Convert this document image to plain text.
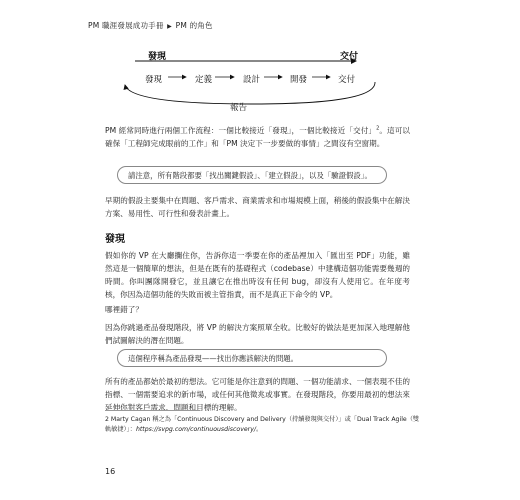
PM 職涯發展成功手冊 ▶ PM 的角色
發現	交付
發現	定義	設計	開發	交付
報告
PM 經常同時進行兩個工作流程：一個比較接近「發現」，一個比較接近「交付」$^2$。這可以確保「工程師完成眼前的工作」和「PM 決定下一步要做的事情」之間沒有空窗期。
請注意，所有階段都要「找出關鍵假設」、「建立假設」，以及「驗證假設」。
早期的假設主要集中在問題、客戶需求、商業需求和市場規模上面，稍後的假設集中在解決方案、易用性、可行性和發表計畫上。
發現
假如你的 VP 在大廳攔住你，告訴你這一季要在你的產品裡加入「匯出至 PDF」功能，雖然這是一個簡單的想法，但是在既有的基礎程式（codebase）中建構這個功能需要幾週的時間。你叫團隊開發它，並且讓它在推出時沒有任何 bug，卻沒有人使用它。在年度考核，你因為這個功能的失敗而被主管指責，而不是真正下命令的 VP。
哪裡錯了？
因為你跳過產品發現階段，將 VP 的解決方案照單全收。比較好的做法是更加深入地理解他們試圖解決的潛在問題。
這個程序稱為產品發現——找出你應該解決的問題。
所有的產品都始於最初的想法。它可能是你注意到的問題、一個功能請求、一個表現不佳的指標、一個需要追求的新市場，或任何其他徵兆或事實。在發現階段，你要用最初的想法來延伸你對客戶需求、問題和目標的理解。
2 Marty Cagan 稱之為「Continuous Discovery and Delivery（持續發現與交付）」或「Dual Track Agile（雙軌敏捷）」：https://svpg.com/continuousdiscovery/。
16
